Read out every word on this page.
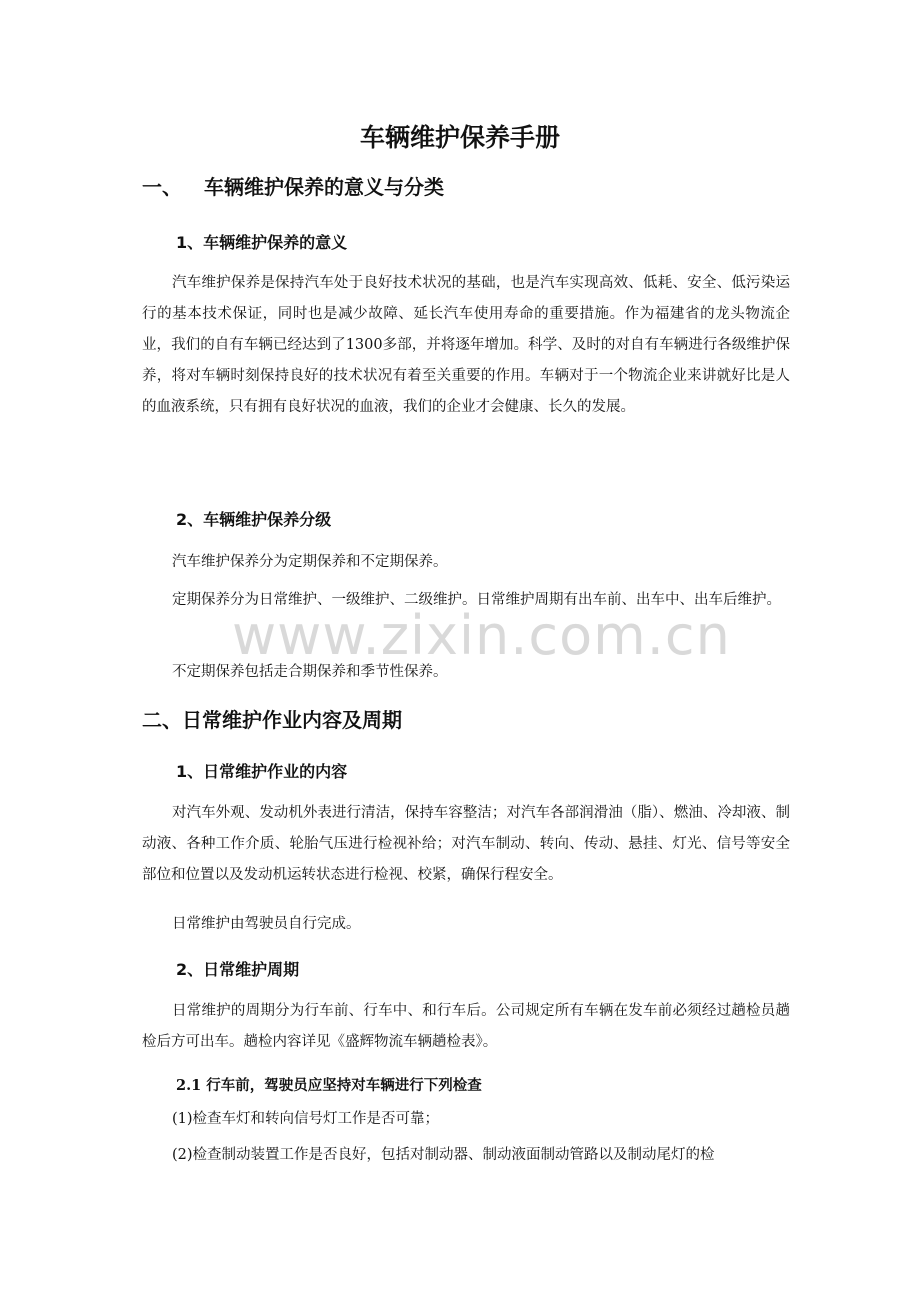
车辆维护保养手册
一、 车辆维护保养的意义与分类
1、车辆维护保养的意义

汽车维护保养是保持汽车处于良好技术状况的基础，也是汽车实现高效、低耗、安全、低污染运行的基本技术保证，同时也是减少故障、延长汽车使用寿命的重要措施。作为福建省的龙头物流企业，我们的自有车辆已经达到了1300多部，并将逐年增加。科学、及时的对自有车辆进行各级维护保养，将对车辆时刻保持良好的技术状况有着至关重要的作用。车辆对于一个物流企业来讲就好比是人的血液系统，只有拥有良好状况的血液，我们的企业才会健康、长久的发展。

2、车辆维护保养分级

汽车维护保养分为定期保养和不定期保养。

定期保养分为日常维护、一级维护、二级维护。日常维护周期有出车前、出车中、出车后维护。

不定期保养包括走合期保养和季节性保养。

二、日常维护作业内容及周期
1、日常维护作业的内容

对汽车外观、发动机外表进行清洁，保持车容整洁；对汽车各部润滑油（脂）、燃油、冷却液、制动液、各种工作介质、轮胎气压进行检视补给；对汽车制动、转向、传动、悬挂、灯光、信号等安全部位和位置以及发动机运转状态进行检视、校紧，确保行程安全。

日常维护由驾驶员自行完成。

2、日常维护周期

日常维护的周期分为行车前、行车中、和行车后。公司规定所有车辆在发车前必须经过趟检员趟检后方可出车。趟检内容详见《盛辉物流车辆趟检表》。

2.1 行车前，驾驶员应坚持对车辆进行下列检查

(1)检查车灯和转向信号灯工作是否可靠；

(2)检查制动装置工作是否良好，包括对制动器、制动液面制动管路以及制动尾灯的检

www.zixin.com.cn
